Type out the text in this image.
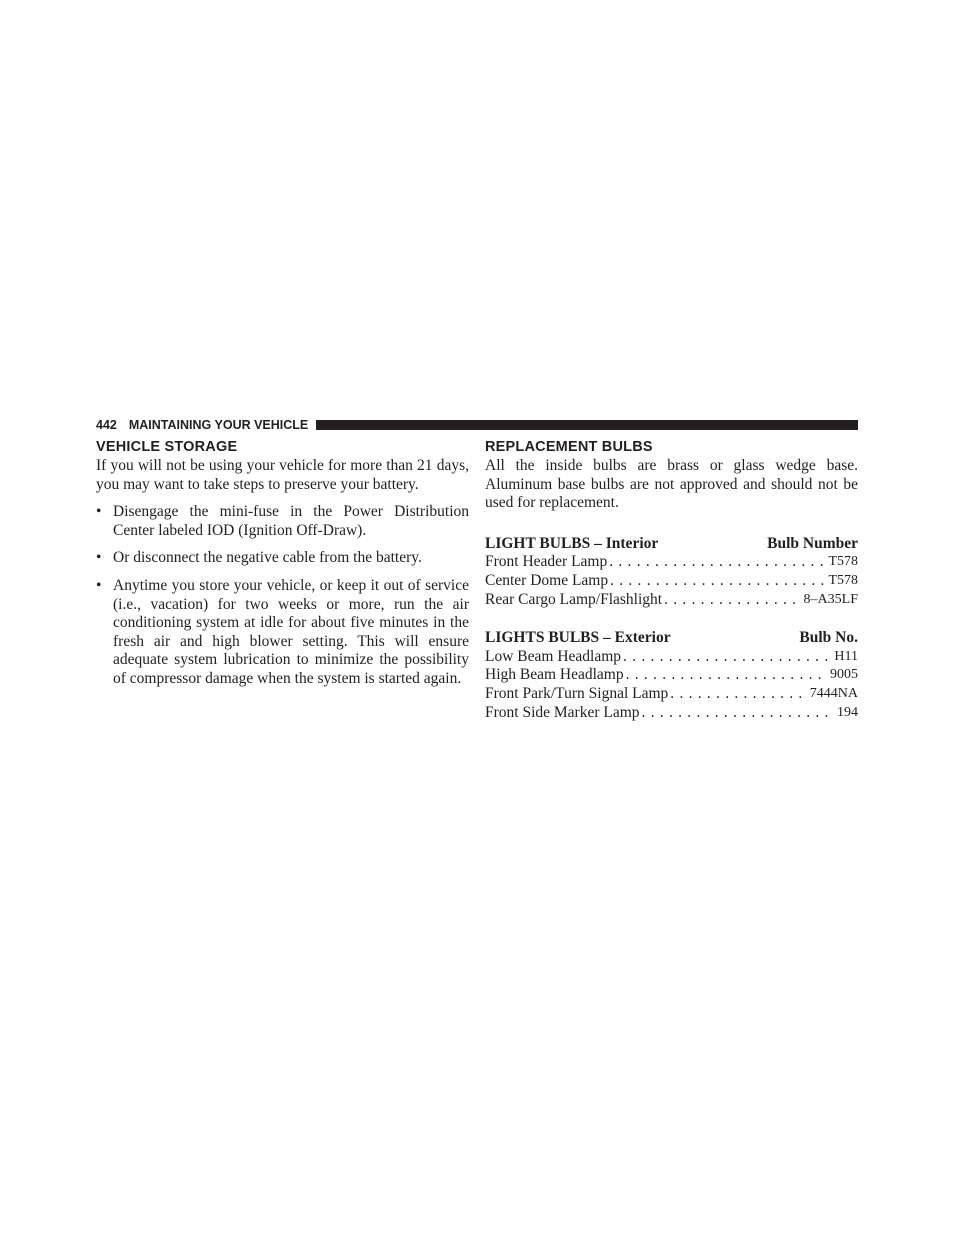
442 MAINTAINING YOUR VEHICLE
VEHICLE STORAGE

If you will not be using your vehicle for more than 21 days, you may want to take steps to preserve your battery.

• Disengage the mini-fuse in the Power Distribution Center labeled IOD (Ignition Off-Draw).
• Or disconnect the negative cable from the battery.
• Anytime you store your vehicle, or keep it out of service (i.e., vacation) for two weeks or more, run the air conditioning system at idle for about five minutes in the fresh air and high blower setting. This will ensure adequate system lubrication to minimize the possibility of compressor damage when the system is started again.
REPLACEMENT BULBS

All the inside bulbs are brass or glass wedge base. Aluminum base bulbs are not approved and should not be used for replacement.

LIGHT BULBS – Interior	Bulb Number
Front Header Lamp . . .	T578
Center Dome Lamp . . .	T578
Rear Cargo Lamp/Flashlight . . .	8–A35LF
LIGHTS BULBS – Exterior	Bulb No.
Low Beam Headlamp . . .	H11
High Beam Headlamp . . .	9005
Front Park/Turn Signal Lamp . . .	7444NA
Front Side Marker Lamp . . .	194
